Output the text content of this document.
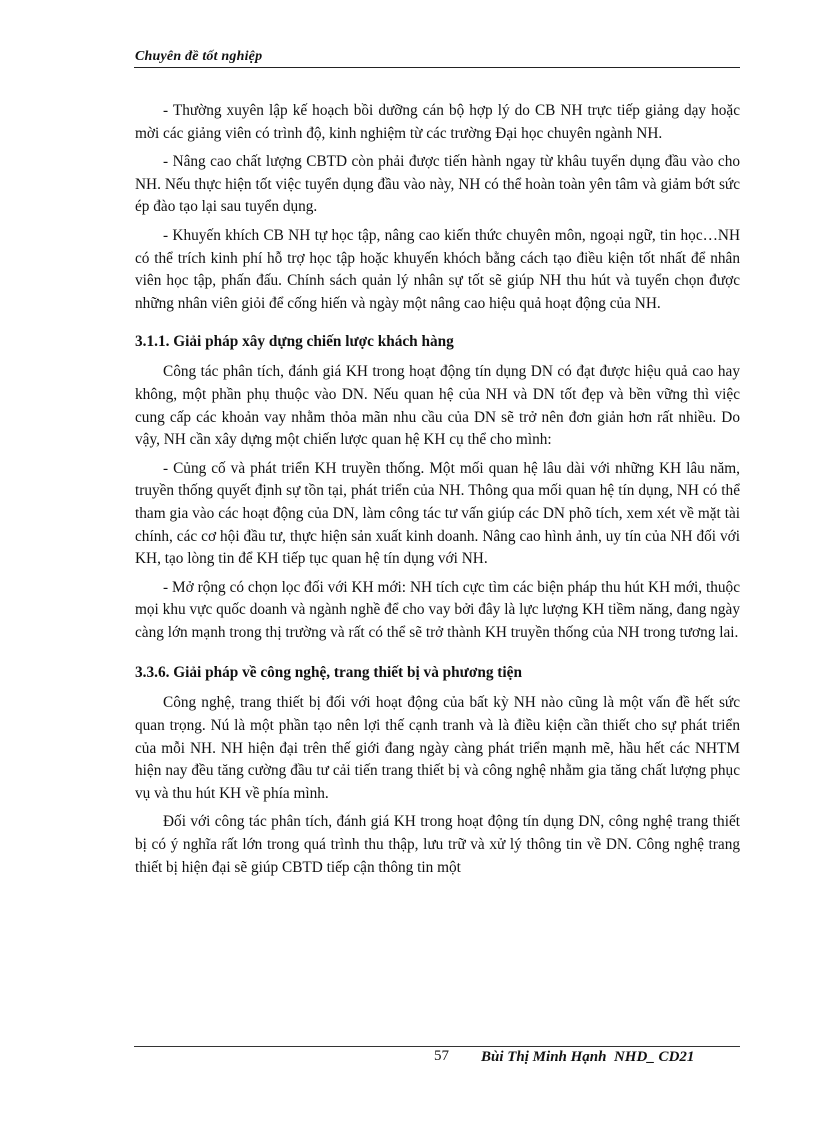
Chuyên đề tốt nghiệp

- Thường xuyên lập kế hoạch bồi dưỡng cán bộ hợp lý do CB NH trực tiếp giảng dạy hoặc mời các giảng viên có trình độ, kinh nghiệm từ các trường Đại học chuyên ngành NH.

- Nâng cao chất lượng CBTD còn phải được tiến hành ngay từ khâu tuyển dụng đầu vào cho NH. Nếu thực hiện tốt việc tuyển dụng đầu vào này, NH có thể hoàn toàn yên tâm và giảm bớt sức ép đào tạo lại sau tuyển dụng.

- Khuyến khích CB NH tự học tập, nâng cao kiến thức chuyên môn, ngoại ngữ, tin học…NH có thể trích kinh phí hỗ trợ học tập hoặc khuyến khóch bằng cách tạo điều kiện tốt nhất để nhân viên học tập, phấn đấu. Chính sách quản lý nhân sự tốt sẽ giúp NH thu hút và tuyển chọn được những nhân viên giỏi để cống hiến và ngày một nâng cao hiệu quả hoạt động của NH.

3.1.1. Giải pháp xây dựng chiến lược khách hàng

Công tác phân tích, đánh giá KH trong hoạt động tín dụng DN có đạt được hiệu quả cao hay không, một phần phụ thuộc vào DN. Nếu quan hệ của NH và DN tốt đẹp và bền vững thì việc cung cấp các khoản vay nhằm thỏa mãn nhu cầu của DN sẽ trở nên đơn giản hơn rất nhiều. Do vậy, NH cần xây dựng một chiến lược quan hệ KH cụ thể cho mình:

- Củng cố và phát triển KH truyền thống. Một mối quan hệ lâu dài với những KH lâu năm, truyền thống quyết định sự tồn tại, phát triển của NH. Thông qua mối quan hệ tín dụng, NH có thể tham gia vào các hoạt động của DN, làm công tác tư vấn giúp các DN phõ tích, xem xét về mặt tài chính, các cơ hội đầu tư, thực hiện sản xuất kinh doanh. Nâng cao hình ảnh, uy tín của NH đối với KH, tạo lòng tin để KH tiếp tục quan hệ tín dụng với NH.

- Mở rộng có chọn lọc đối với KH mới: NH tích cực tìm các biện pháp thu hút KH mới, thuộc mọi khu vực quốc doanh và ngành nghề để cho vay bởi đây là lực lượng KH tiềm năng, đang ngày càng lớn mạnh trong thị trường và rất có thể sẽ trở thành KH truyền thống của NH trong tương lai.

3.3.6. Giải pháp về công nghệ, trang thiết bị và phương tiện

Công nghệ, trang thiết bị đối với hoạt động của bất kỳ NH nào cũng là một vấn đề hết sức quan trọng. Nú là một phần tạo nên lợi thế cạnh tranh và là điều kiện cần thiết cho sự phát triển của mỗi NH. NH hiện đại trên thế giới đang ngày càng phát triển mạnh mẽ, hầu hết các NHTM hiện nay đều tăng cường đầu tư cải tiến trang thiết bị và công nghệ nhằm gia tăng chất lượng phục vụ và thu hút KH về phía mình.

Đối với công tác phân tích, đánh giá KH trong hoạt động tín dụng DN, công nghệ trang thiết bị có ý nghĩa rất lớn trong quá trình thu thập, lưu trữ và xử lý thông tin về DN. Công nghệ trang thiết bị hiện đại sẽ giúp CBTD tiếp cận thông tin một

57 Bùi Thị Minh Hạnh  NHD_ CD21
